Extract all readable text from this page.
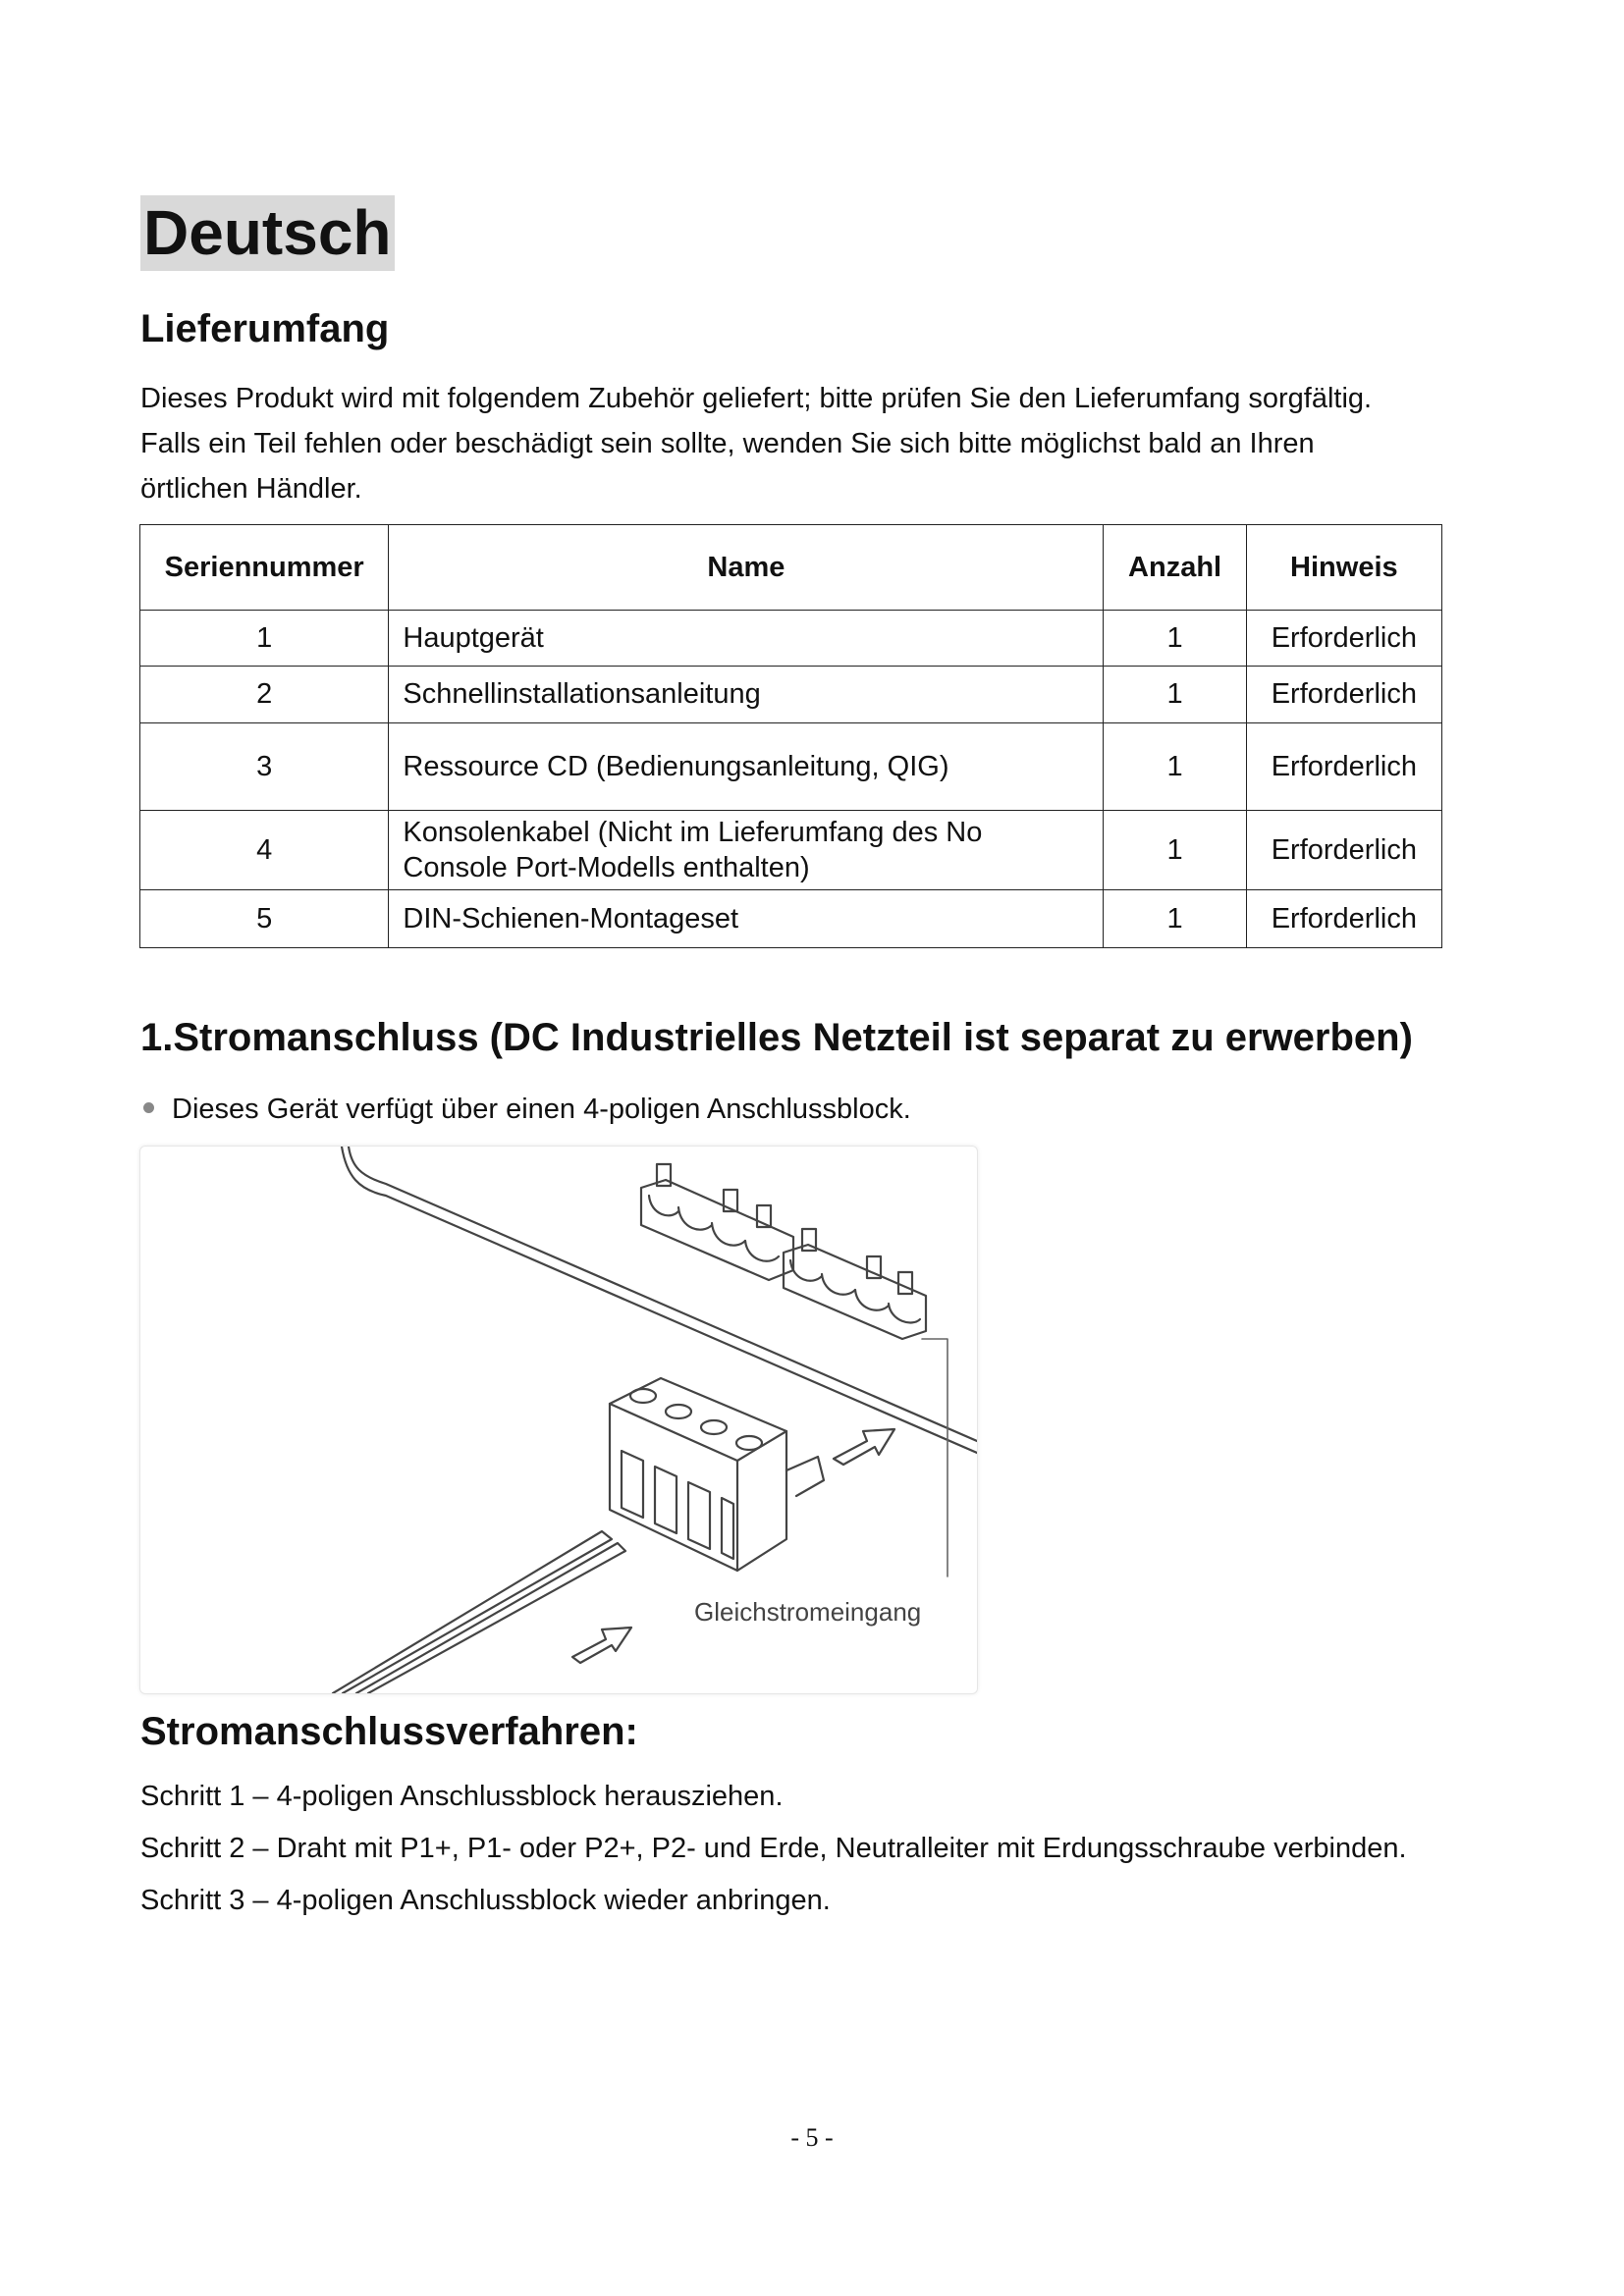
Deutsch
Lieferumfang

Dieses Produkt wird mit folgendem Zubehör geliefert; bitte prüfen Sie den Lieferumfang sorgfältig.

Falls ein Teil fehlen oder beschädigt sein sollte, wenden Sie sich bitte möglichst bald an Ihren

örtlichen Händler.

Seriennummer	Name	Anzahl	Hinweis
1	Hauptgerät	1	Erforderlich
2	Schnellinstallationsanleitung	1	Erforderlich
3	Ressource CD (Bedienungsanleitung, QIG)	1	Erforderlich
4	Konsolenkabel (Nicht im Lieferumfang des No
Console Port-Modells enthalten)	1	Erforderlich
5	DIN-Schienen-Montageset	1	Erforderlich
1.Stromanschluss (DC Industrielles Netzteil ist separat zu erwerben)
Dieses Gerät verfügt über einen 4-poligen Anschlussblock.
Gleichstromeingang
Stromanschlussverfahren:
Schritt 1 – 4-poligen Anschlussblock herausziehen.
Schritt 2 – Draht mit P1+, P1- oder P2+, P2- und Erde, Neutralleiter mit Erdungsschraube verbinden.
Schritt 3 – 4-poligen Anschlussblock wieder anbringen.
- 5 -
